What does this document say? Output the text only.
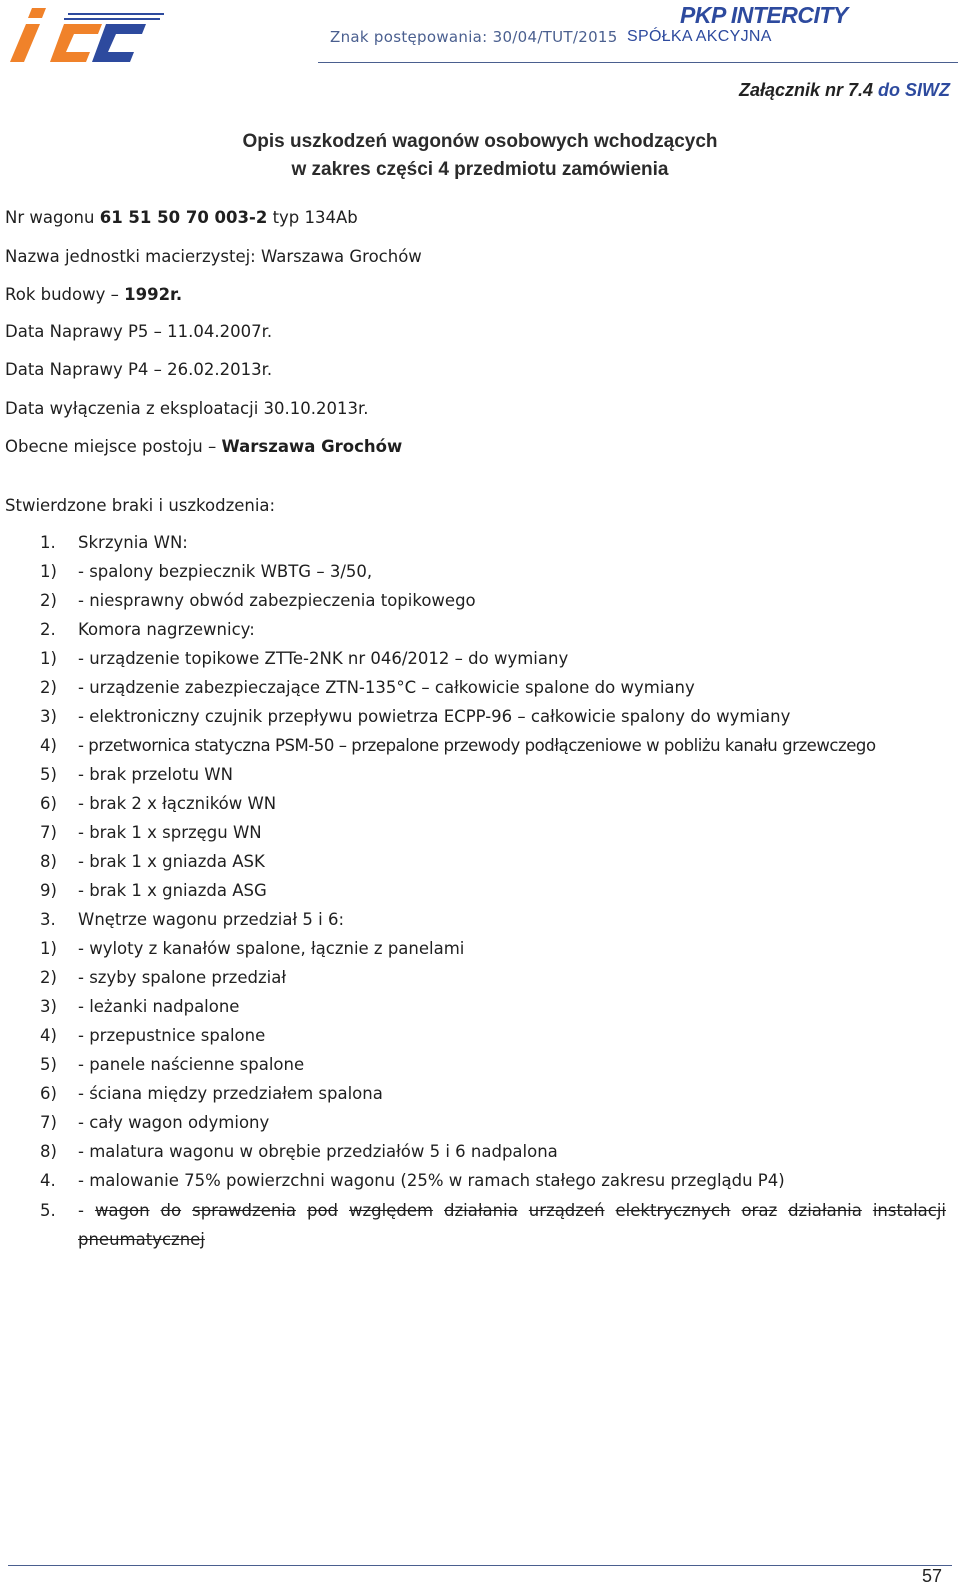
Znak postępowania: 30/04/TUT/2015
PKP INTERCITY
SPÓŁKA AKCYJNA
Załącznik nr 7.4 do SIWZ
Opis uszkodzeń wagonów osobowych wchodzących
w zakres części 4 przedmiotu zamówienia
Nr wagonu 61 51 50 70 003-2 typ 134Ab
Nazwa jednostki macierzystej: Warszawa Grochów
Rok budowy – 1992r.
Data Naprawy P5 – 11.04.2007r.
Data Naprawy P4 – 26.02.2013r.
Data wyłączenia z eksploatacji 30.10.2013r.
Obecne miejsce postoju – Warszawa Grochów
Stwierdzone braki i uszkodzenia:
1. Skrzynia WN:
1) - spalony bezpiecznik WBTG – 3/50,
2) - niesprawny obwód zabezpieczenia topikowego
2. Komora nagrzewnicy:
1) - urządzenie topikowe ZTTe-2NK nr 046/2012 – do wymiany
2) - urządzenie zabezpieczające ZTN-135°C – całkowicie spalone do wymiany
3) - elektroniczny czujnik przepływu powietrza ECPP-96 – całkowicie spalony do wymiany
4) - przetwornica statyczna PSM-50 – przepalone przewody podłączeniowe w pobliżu kanału grzewczego
5) - brak przelotu WN
6) - brak 2 x łączników WN
7) - brak 1 x sprzęgu WN
8) - brak 1 x gniazda ASK
9) - brak 1 x gniazda ASG
3. Wnętrze wagonu przedział 5 i 6:
1) - wyloty z kanałów spalone, łącznie z panelami
2) - szyby spalone przedział
3) - leżanki nadpalone
4) - przepustnice spalone
5) - panele naścienne spalone
6) - ściana między przedziałem spalona
7) - cały wagon odymiony
8) - malatura wagonu w obrębie przedziałów 5 i 6 nadpalona
4. - malowanie 75% powierzchni wagonu (25% w ramach stałego zakresu przeglądu P4)
5. - wagon do sprawdzenia pod względem działania urządzeń elektrycznych oraz działania instalacji
pneumatycznej
57
